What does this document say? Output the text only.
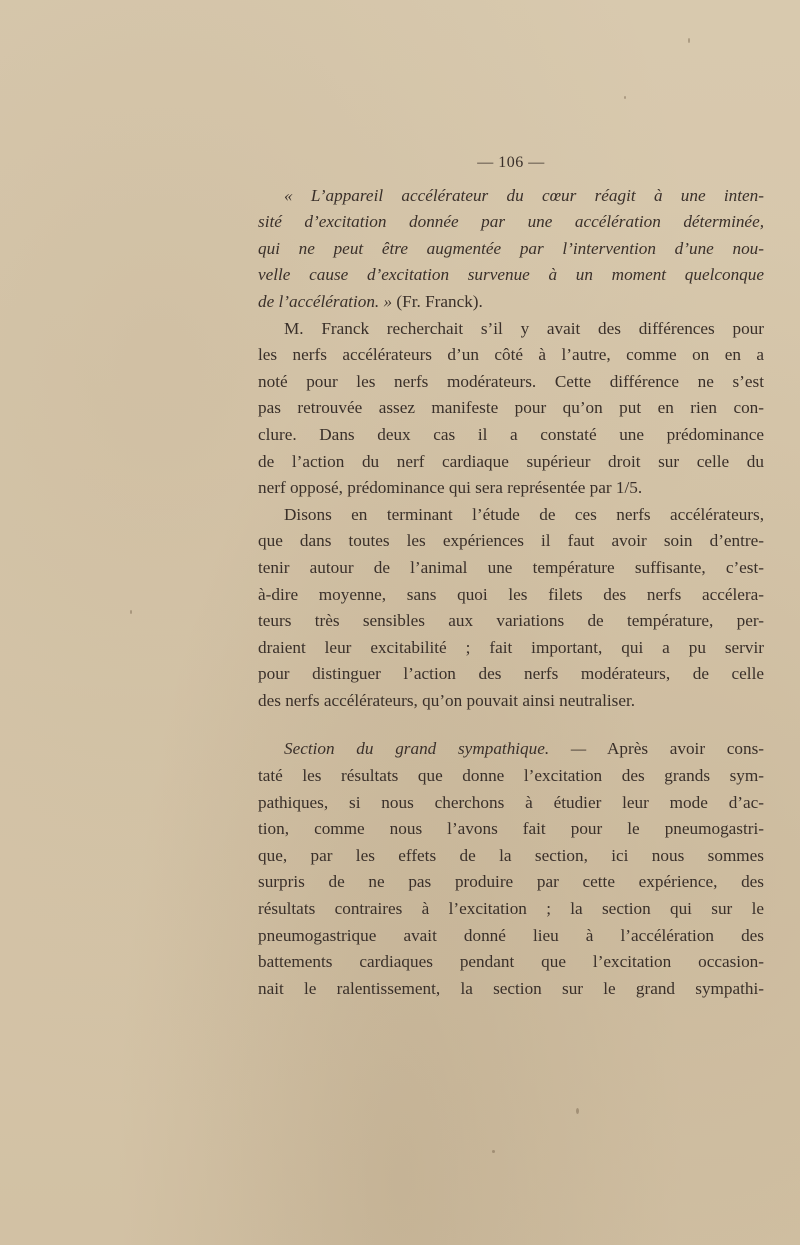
— 106 —
« L’appareil accélérateur du cœur réagit à une inten-
sité d’excitation donnée par une accélération déterminée,
qui ne peut être augmentée par l’intervention d’une nou-
velle cause d’excitation survenue à un moment quelconque
de l’accélération. » (Fr. Franck).
M. Franck recherchait s’il y avait des différences pour
les nerfs accélérateurs d’un côté à l’autre, comme on en a
noté pour les nerfs modérateurs. Cette différence ne s’est
pas retrouvée assez manifeste pour qu’on put en rien con-
clure. Dans deux cas il a constaté une prédominance
de l’action du nerf cardiaque supérieur droit sur celle du
nerf opposé, prédominance qui sera représentée par 1/5.
Disons en terminant l’étude de ces nerfs accélérateurs,
que dans toutes les expériences il faut avoir soin d’entre-
tenir autour de l’animal une température suffisante, c’est-
à-dire moyenne, sans quoi les filets des nerfs accélera-
teurs très sensibles aux variations de température, per-
draient leur excitabilité ; fait important, qui a pu servir
pour distinguer l’action des nerfs modérateurs, de celle
des nerfs accélérateurs, qu’on pouvait ainsi neutraliser.
Section du grand sympathique. — Après avoir cons-
taté les résultats que donne l’excitation des grands sym-
pathiques, si nous cherchons à étudier leur mode d’ac-
tion, comme nous l’avons fait pour le pneumogastri-
que, par les effets de la section, ici nous sommes
surpris de ne pas produire par cette expérience, des
résultats contraires à l’excitation ; la section qui sur le
pneumogastrique avait donné lieu à l’accélération des
battements cardiaques pendant que l’excitation occasion-
nait le ralentissement, la section sur le grand sympathi-
